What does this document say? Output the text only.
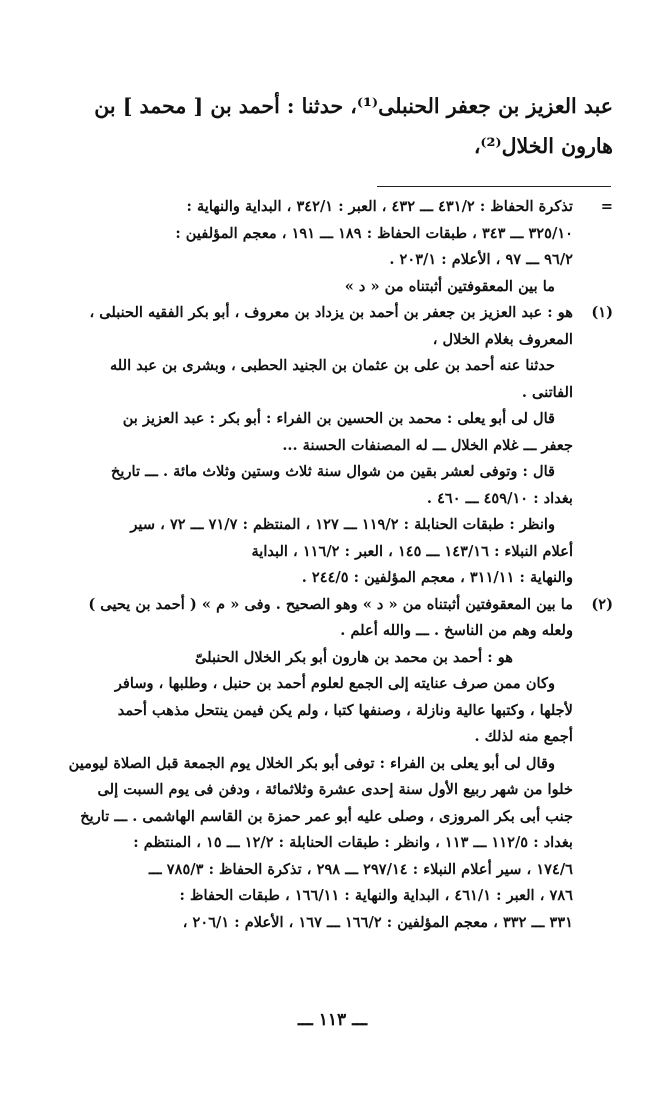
عبد العزيز بن جعفر الحنبلى⁽¹⁾، حدثنا : أحمد بن [ محمد ] بن

هارون الخلال⁽²⁾،

=
تذكرة الحفاظ : ٤٣١/٢ ـــ ٤٣٢ ، العبر : ٣٤٢/١ ، البداية والنهاية :
٣٢٥/١٠ ـــ ٣٤٣ ، طبقات الحفاظ : ١٨٩ ـــ ١٩١ ، معجم المؤلفين :
٩٦/٢ ـــ ٩٧ ، الأعلام : ٢٠٣/١ .
ما بين المعقوفتين أثبتناه من « د »
(١)
هو : عبد العزيز بن جعفر بن أحمد بن يزداد بن معروف ، أبو بكر الفقيه الحنبلى ،
المعروف بغلام الخلال ،
حدثنا عنه أحمد بن على بن عثمان بن الجنيد الحطبى ، وبشرى بن عبد الله
الفاتنى .
قال لى أبو يعلى : محمد بن الحسين بن الفراء : أبو بكر : عبد العزيز بن
جعفر ـــ غلام الخلال ـــ له المصنفات الحسنة ...
قال : وتوفى لعشر بقين من شوال سنة ثلاث وستين وثلاث مائة . ـــ تاريخ
بغداد : ٤٥٩/١٠ ـــ ٤٦٠ .
وانظر : طبقات الحنابلة : ١١٩/٢ ـــ ١٢٧ ، المنتظم : ٧١/٧ ـــ ٧٢ ، سير
أعلام النبلاء : ١٤٣/١٦ ـــ ١٤٥ ، العبر : ١١٦/٢ ، البداية
والنهاية : ٣١١/١١ ، معجم المؤلفين : ٢٤٤/٥ .
(٢)
ما بين المعقوفتين أثبتناه من « د » وهو الصحيح . وفى « م » ( أحمد بن يحيى )
ولعله وهم من الناسخ . ـــ والله أعلم .
هو : أحمد بن محمد بن هارون أبو بكر الخلال الحنبلىّ
وكان ممن صرف عنايته إلى الجمع لعلوم أحمد بن حنبل ، وطلبها ، وسافر
لأجلها ، وكتبها عالية ونازلة ، وصنفها كتبا ، ولم يكن فيمن ينتحل مذهب أحمد
أجمع منه لذلك .
وقال لى أبو يعلى بن الفراء : توفى أبو بكر الخلال يوم الجمعة قبل الصلاة ليومين
خلوا من شهر ربيع الأول سنة إحدى عشرة وثلاثمائة ، ودفن فى يوم السبت إلى
جنب أبى بكر المروزى ، وصلى عليه أبو عمر حمزة بن القاسم الهاشمى . ـــ تاريخ
بغداد : ١١٢/٥ ـــ ١١٣ ، وانظر : طبقات الحنابلة : ١٢/٢ ـــ ١٥ ، المنتظم :
١٧٤/٦ ، سير أعلام النبلاء : ٢٩٧/١٤ ـــ ٢٩٨ ، تذكرة الحفاظ : ٧٨٥/٣ ـــ
٧٨٦ ، العبر : ٤٦١/١ ، البداية والنهاية : ١٦٦/١١ ، طبقات الحفاظ :
٣٣١ ـــ ٣٣٢ ، معجم المؤلفين : ١٦٦/٢ ـــ ١٦٧ ، الأعلام : ٢٠٦/١ ،
ـــ ١١٣ ـــ
